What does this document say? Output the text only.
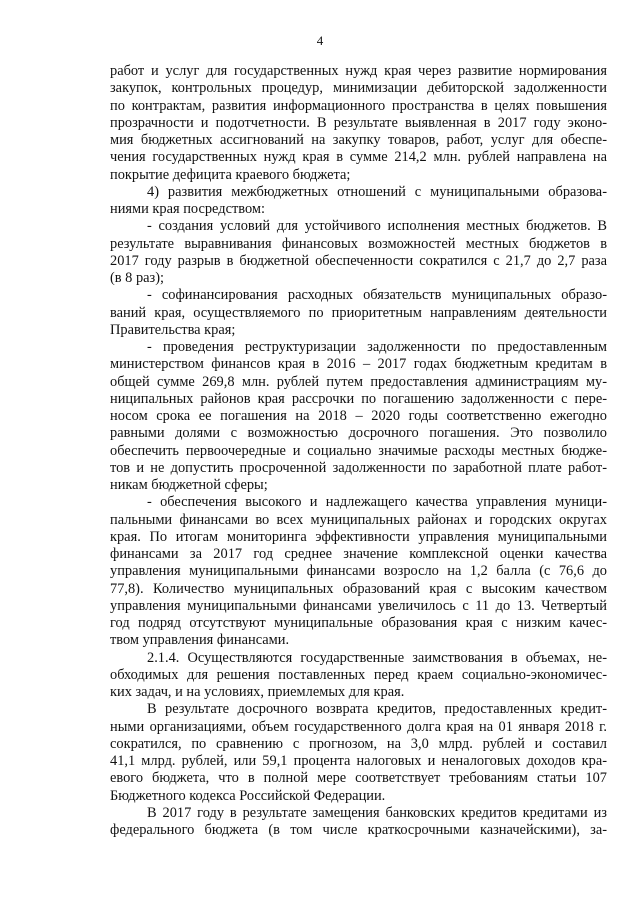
4
работ и услуг для государственных нужд края через развитие нормирования
закупок, контрольных процедур, минимизации дебиторской задолженности
по контрактам, развития информационного пространства в целях повышения
прозрачности и подотчетности. В результате выявленная в 2017 году эконо-
мия бюджетных ассигнований на закупку товаров, работ, услуг для обеспе-
чения государственных нужд края в сумме 214,2 млн. рублей направлена на
покрытие дефицита краевого бюджета;
4) развития межбюджетных отношений с муниципальными образова-
ниями края посредством:
- создания условий для устойчивого исполнения местных бюджетов. В
результате выравнивания финансовых возможностей местных бюджетов в
2017 году разрыв в бюджетной обеспеченности сократился с 21,7 до 2,7 раза
(в 8 раз);
- софинансирования расходных обязательств муниципальных образо-
ваний края, осуществляемого по приоритетным направлениям деятельности
Правительства края;
- проведения реструктуризации задолженности по предоставленным
министерством финансов края в 2016 – 2017 годах бюджетным кредитам в
общей сумме 269,8 млн. рублей путем предоставления администрациям му-
ниципальных районов края рассрочки по погашению задолженности с пере-
носом срока ее погашения на 2018 – 2020 годы соответственно ежегодно
равными долями с возможностью досрочного погашения. Это позволило
обеспечить первоочередные и социально значимые расходы местных бюдже-
тов и не допустить просроченной задолженности по заработной плате работ-
никам бюджетной сферы;
- обеспечения высокого и надлежащего качества управления муници-
пальными финансами во всех муниципальных районах и городских округах
края. По итогам мониторинга эффективности управления муниципальными
финансами за 2017 год среднее значение комплексной оценки качества
управления муниципальными финансами возросло на 1,2 балла (с 76,6 до
77,8). Количество муниципальных образований края с высоким качеством
управления муниципальными финансами увеличилось с 11 до 13. Четвертый
год подряд отсутствуют муниципальные образования края с низким качес-
твом управления финансами.
2.1.4. Осуществляются государственные заимствования в объемах, не-
обходимых для решения поставленных перед краем социально-экономичес-
ких задач, и на условиях, приемлемых для края.
В результате досрочного возврата кредитов, предоставленных кредит-
ными организациями, объем государственного долга края на 01 января 2018 г.
сократился, по сравнению с прогнозом, на 3,0 млрд. рублей и составил
41,1 млрд. рублей, или 59,1 процента налоговых и неналоговых доходов кра-
евого бюджета, что в полной мере соответствует требованиям статьи 107
Бюджетного кодекса Российской Федерации.
В 2017 году в результате замещения банковских кредитов кредитами из
федерального бюджета (в том числе краткосрочными казначейскими), за-
